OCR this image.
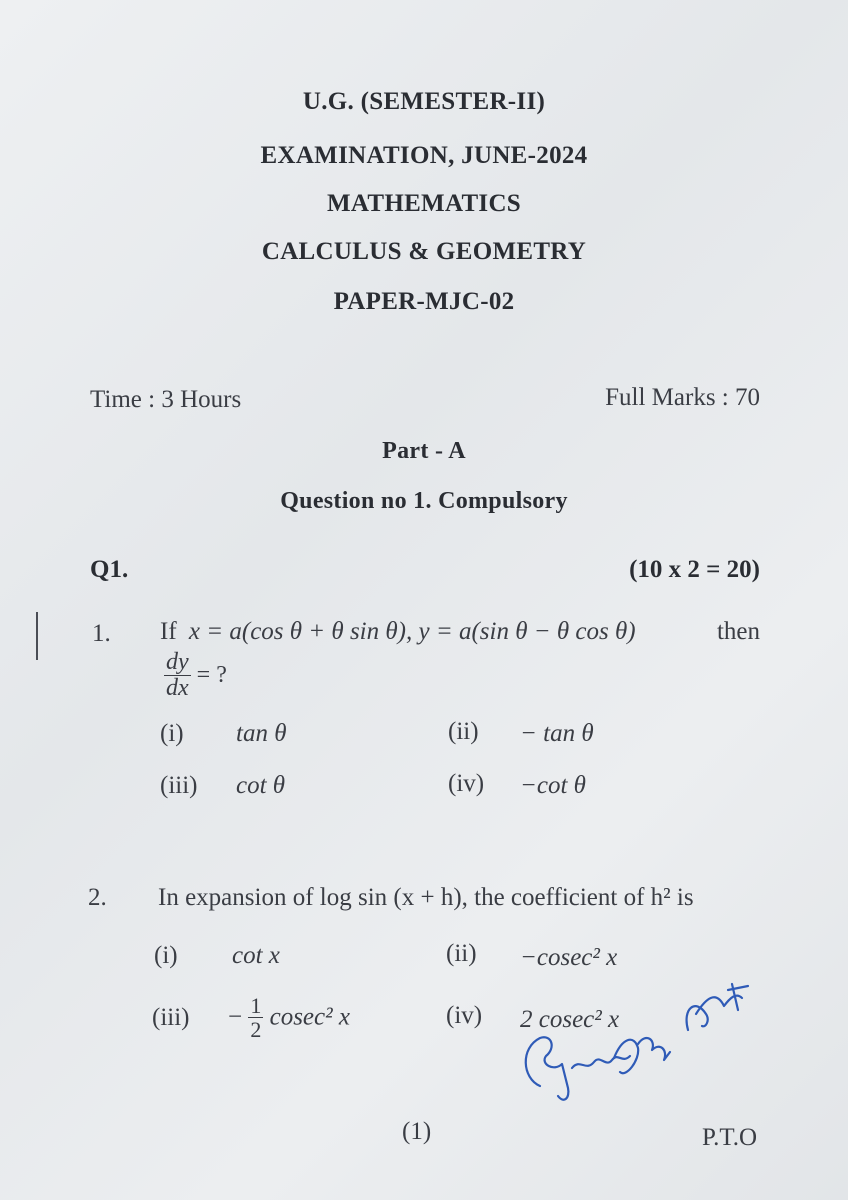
U.G. (SEMESTER-II)
EXAMINATION, JUNE-2024
MATHEMATICS
CALCULUS & GEOMETRY
PAPER-MJC-02
Time : 3 Hours	Full Marks : 70
Part - A
Question no 1. Compulsory
Q1.	(10 x 2 = 20)
1. If x = a(cos θ + θ sin θ), y = a(sin θ − θ cos θ)	then
$\frac{dy}{dx}$ = ?
(i) tan θ	(ii) − tan θ
(iii) cot θ	(iv) −cot θ
2. In expansion of log sin (x + h), the coefficient of h² is
(i) cot x	(ii) −cosec² x
$(iii) - \frac{1}{2} cosec^2$ x	(iv) 2 cosec² x
(1)	P.T.O
